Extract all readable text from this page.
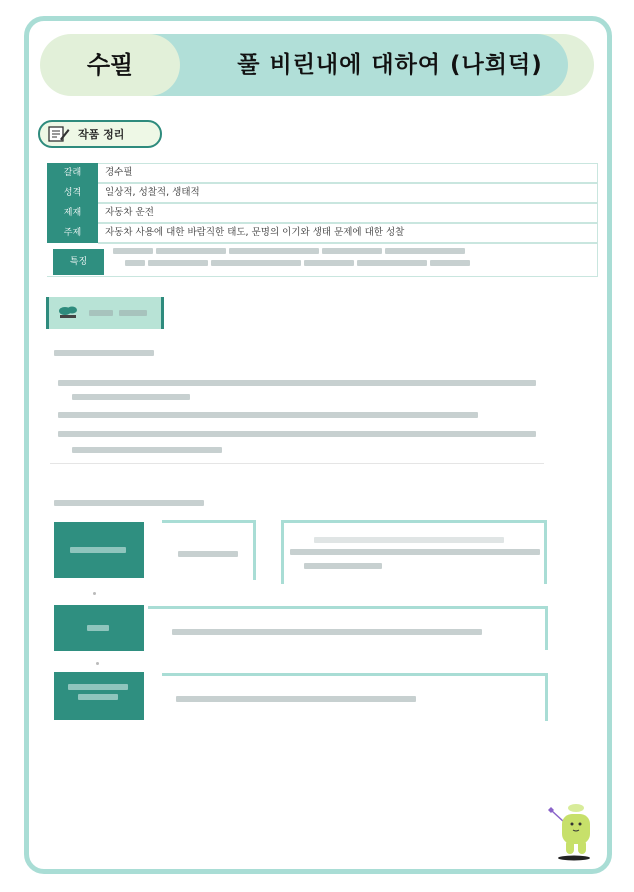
수필	풀 비린내에 대하여 (나희덕)
작품 정리
갈래	경수필
성격	일상적, 성찰적, 생태적
제재	자동차 운전
주제	자동차 사용에 대한 바람직한 태도, 문명의 이기와 생태 문제에 대한 성찰
특징
